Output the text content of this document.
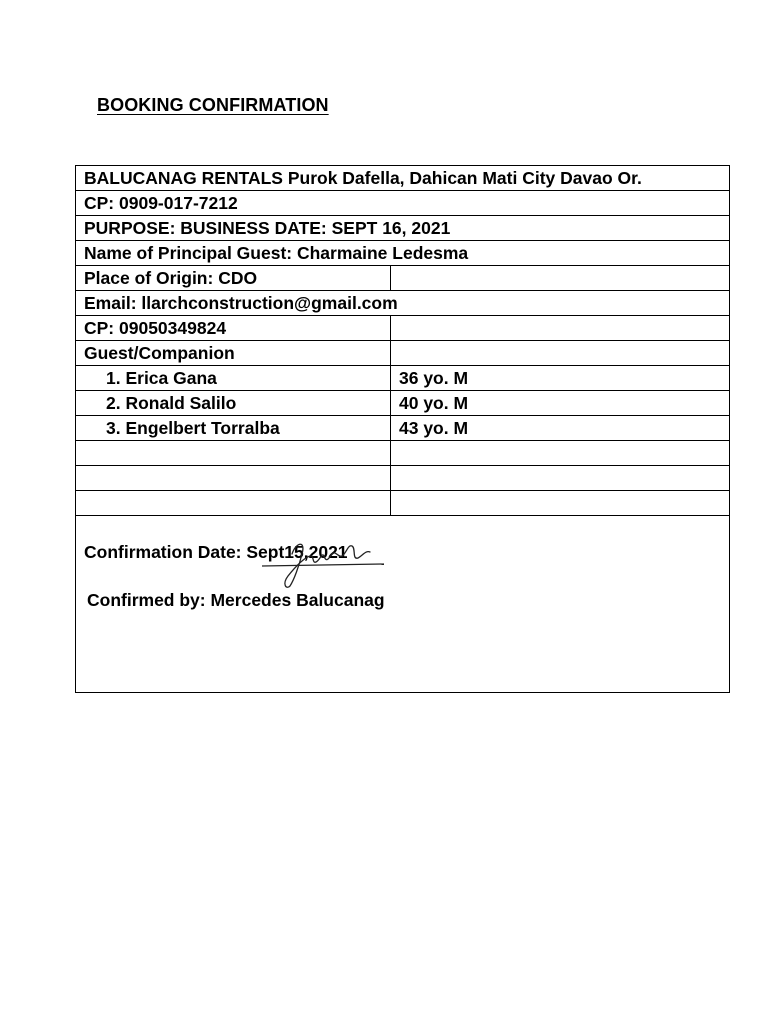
BOOKING CONFIRMATION
BALUCANAG RENTALS Purok Dafella, Dahican Mati City Davao Or.	
CP: 0909-017-7212	
PURPOSE: BUSINESS DATE: SEPT 16, 2021	
Name of Principal Guest: Charmaine Ledesma	
Place of Origin: CDO	
Email: llarchconstruction@gmail.com	
CP: 09050349824	
Guest/Companion	
1. Erica Gana	36 yo. M
2. Ronald Salilo	40 yo. M
3. Engelbert Torralba	43 yo. M

Confirmation Date: Sept15,2021
Confirmed by: Mercedes Balucanag	
